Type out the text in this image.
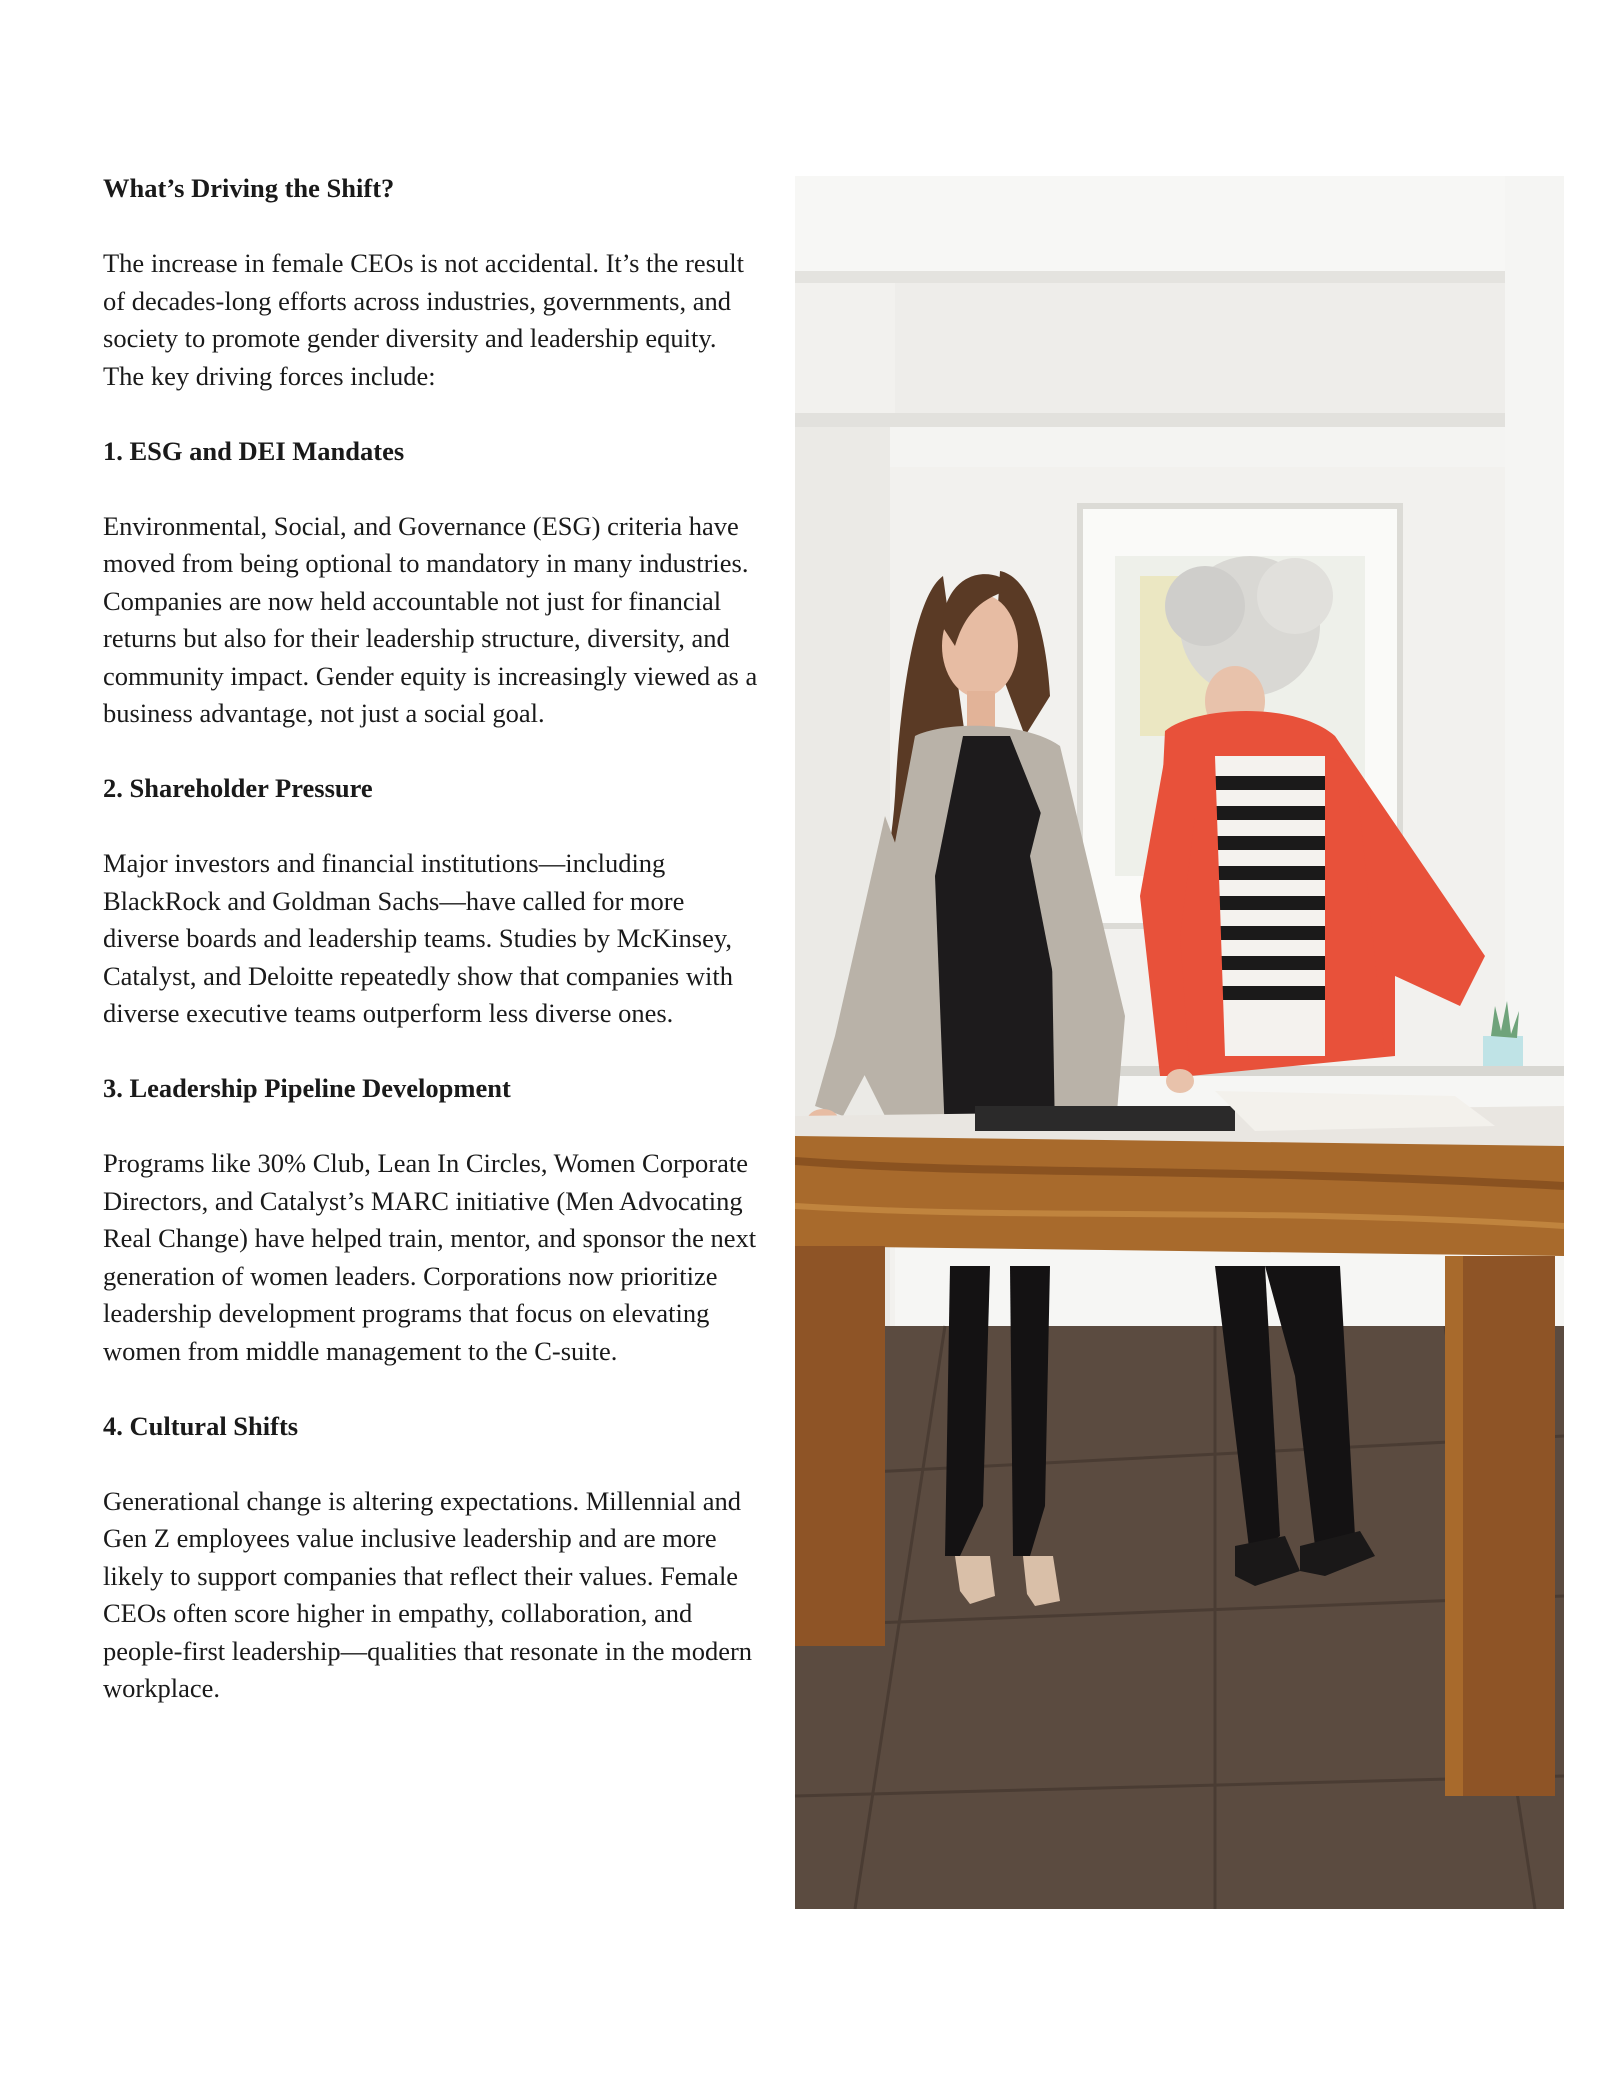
What’s Driving the Shift?

The increase in female CEOs is not accidental. It’s the result of decades-long efforts across industries, governments, and society to promote gender diversity and leadership equity. The key driving forces include:

1. ESG and DEI Mandates

Environmental, Social, and Governance (ESG) criteria have moved from being optional to mandatory in many industries. Companies are now held accountable not just for financial returns but also for their leadership structure, diversity, and community impact. Gender equity is increasingly viewed as a business advantage, not just a social goal.

2. Shareholder Pressure

Major investors and financial institutions—including BlackRock and Goldman Sachs—have called for more diverse boards and leadership teams. Studies by McKinsey, Catalyst, and Deloitte repeatedly show that companies with diverse executive teams outperform less diverse ones.

3. Leadership Pipeline Development

Programs like 30% Club, Lean In Circles, Women Corporate Directors, and Catalyst’s MARC initiative (Men Advocating Real Change) have helped train, mentor, and sponsor the next generation of women leaders. Corporations now prioritize leadership development programs that focus on elevating women from middle management to the C-suite.

4. Cultural Shifts

Generational change is altering expectations. Millennial and Gen Z employees value inclusive leadership and are more likely to support companies that reflect their values. Female CEOs often score higher in empathy, collaboration, and people-first leadership—qualities that resonate in the modern workplace.
